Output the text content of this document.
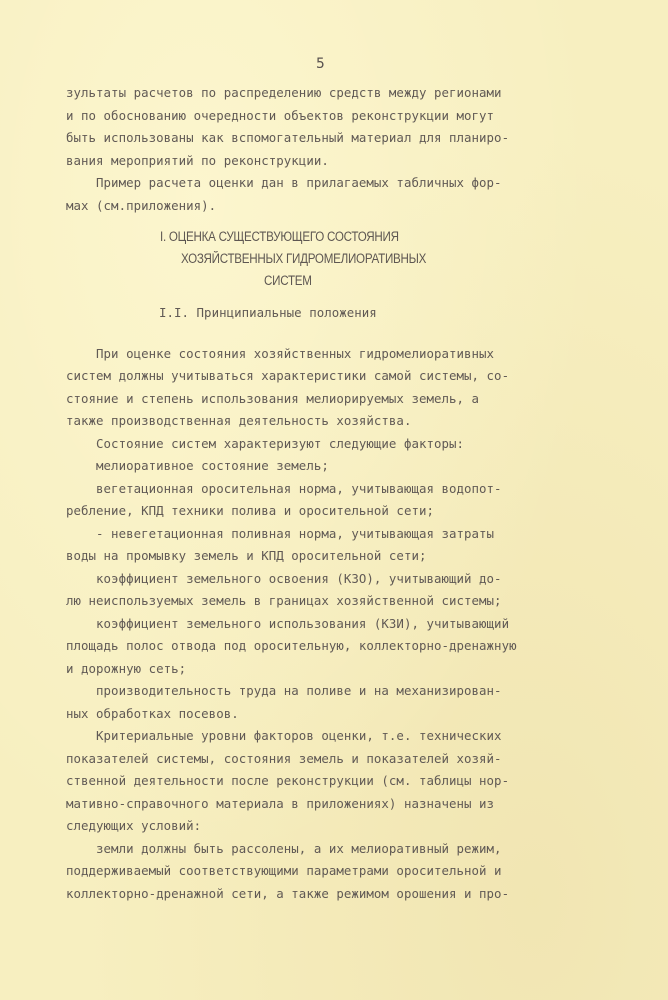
5
зультаты расчетов по распределению средств между регионами
и по обоснованию очередности объектов реконструкции могут
быть использованы как вспомогательный материал для планиро-
вания мероприятий по реконструкции.
Пример расчета оценки дан в прилагаемых табличных фор-
мах (см.приложения).
I. ОЦЕНКА СУЩЕСТВУЮЩЕГО СОСТОЯНИЯ
ХОЗЯЙСТВЕННЫХ ГИДРОМЕЛИОРАТИВНЫХ
СИСТЕМ
I.I. Принципиальные положения
При оценке состояния хозяйственных гидромелиоративных
систем должны учитываться характеристики самой системы, со-
стояние и степень использования мелиорируемых земель, а
также производственная деятельность хозяйства.
Состояние систем характеризуют следующие факторы:
мелиоративное состояние земель;
вегетационная оросительная норма, учитывающая водопот-
ребление, КПД техники полива и оросительной сети;
- невегетационная поливная норма, учитывающая затраты
воды на промывку земель и КПД оросительной сети;
коэффициент земельного освоения (КЗО), учитывающий до-
лю неиспользуемых земель в границах хозяйственной системы;
коэффициент земельного использования (КЗИ), учитывающий
площадь полос отвода под оросительную, коллекторно-дренажную
и дорожную сеть;
производительность труда на поливе и на механизирован-
ных обработках посевов.
Критериальные уровни факторов оценки, т.е. технических
показателей системы, состояния земель и показателей хозяй-
ственной деятельности после реконструкции (см. таблицы нор-
мативно-справочного материала в приложениях) назначены из
следующих условий:
земли должны быть рассолены, а их мелиоративный режим,
поддерживаемый соответствующими параметрами оросительной и
коллекторно-дренажной сети, а также режимом орошения и про-
